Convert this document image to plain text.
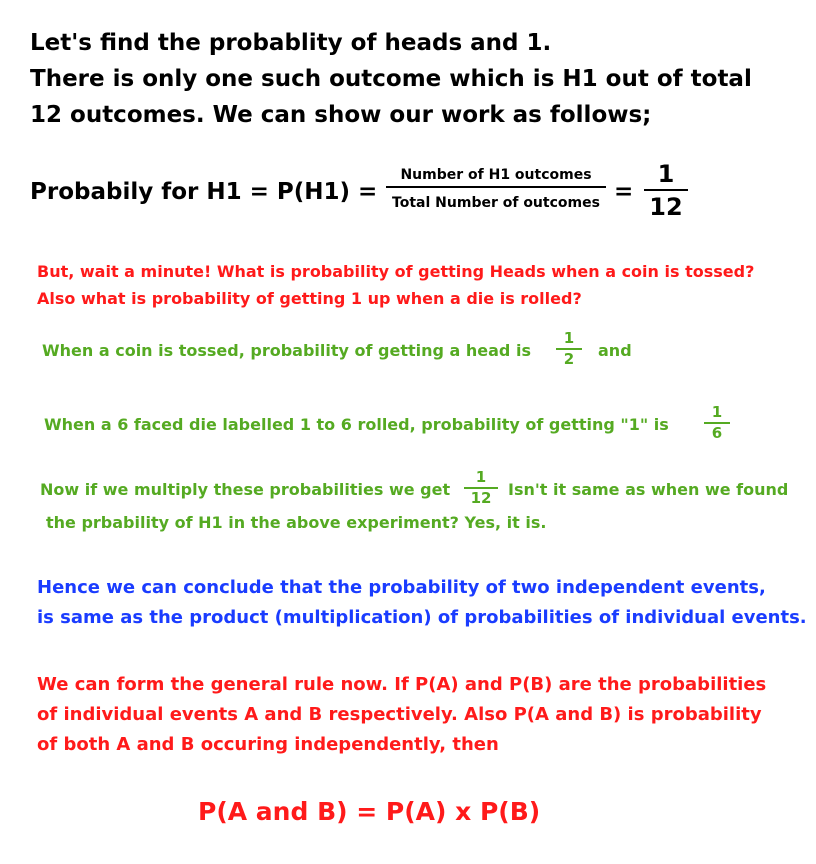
Let's find the probablity of heads and 1.
There is only one such outcome which is H1 out of total
12 outcomes. We can show our work as follows;
Probabily for H1 = P(H1) =
Number of H1 outcomes
Total Number of outcomes =
1
12
But, wait a minute! What is probability of getting Heads when a coin is tossed?
Also what is probability of getting 1 up when a die is rolled?
When a coin is tossed, probability of getting a head is
1
2 and
When a 6 faced die labelled 1 to 6 rolled, probability of getting "1" is
1
6
Now if we multiply these probabilities we get
1
12 Isn't it same as when we found
the prbability of H1 in the above experiment? Yes, it is.
Hence we can conclude that the probability of two independent events,
is same as the product (multiplication) of probabilities of individual events.
We can form the general rule now. If P(A) and P(B) are the probabilities
of individual events A and B respectively. Also P(A and B) is probability
of both A and B occuring independently, then
P(A and B) = P(A) x P(B)
